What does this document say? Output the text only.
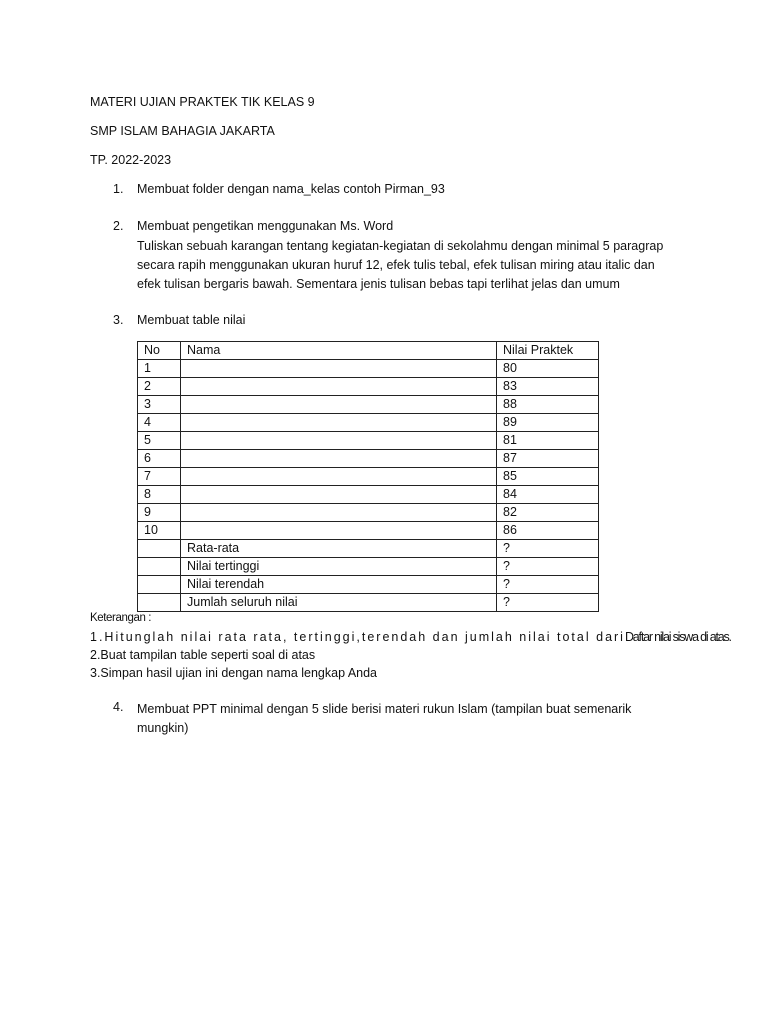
MATERI UJIAN PRAKTEK TIK KELAS 9
SMP ISLAM BAHAGIA JAKARTA
TP. 2022-2023
1. Membuat folder dengan nama_kelas contoh Pirman_93
2. Membuat pengetikan menggunakan Ms. Word
Tuliskan sebuah karangan tentang kegiatan-kegiatan di sekolahmu dengan minimal 5 paragrap secara rapih menggunakan ukuran huruf 12, efek tulis tebal, efek tulisan miring atau italic dan efek tulisan bergaris bawah. Sementara jenis tulisan bebas tapi terlihat jelas dan umum
3. Membuat table nilai
No	Nama	Nilai Praktek
1		80
2		83
3		88
4		89
5		81
6		87
7		85
8		84
9		82
10		86
	Rata-rata	?
	Nilai tertinggi	?
	Nilai terendah	?
	Jumlah seluruh nilai	?
Keterangan :
1.Hitunglah nilai rata rata, tertinggi,terendah dan jumlah nilai total dariDaftar nilai siswa di atas.
2.Buat tampilan table seperti soal di atas
3.Simpan hasil ujian ini dengan nama lengkap Anda
4. Membuat PPT minimal dengan 5 slide berisi materi rukun Islam (tampilan buat semenarik mungkin)
